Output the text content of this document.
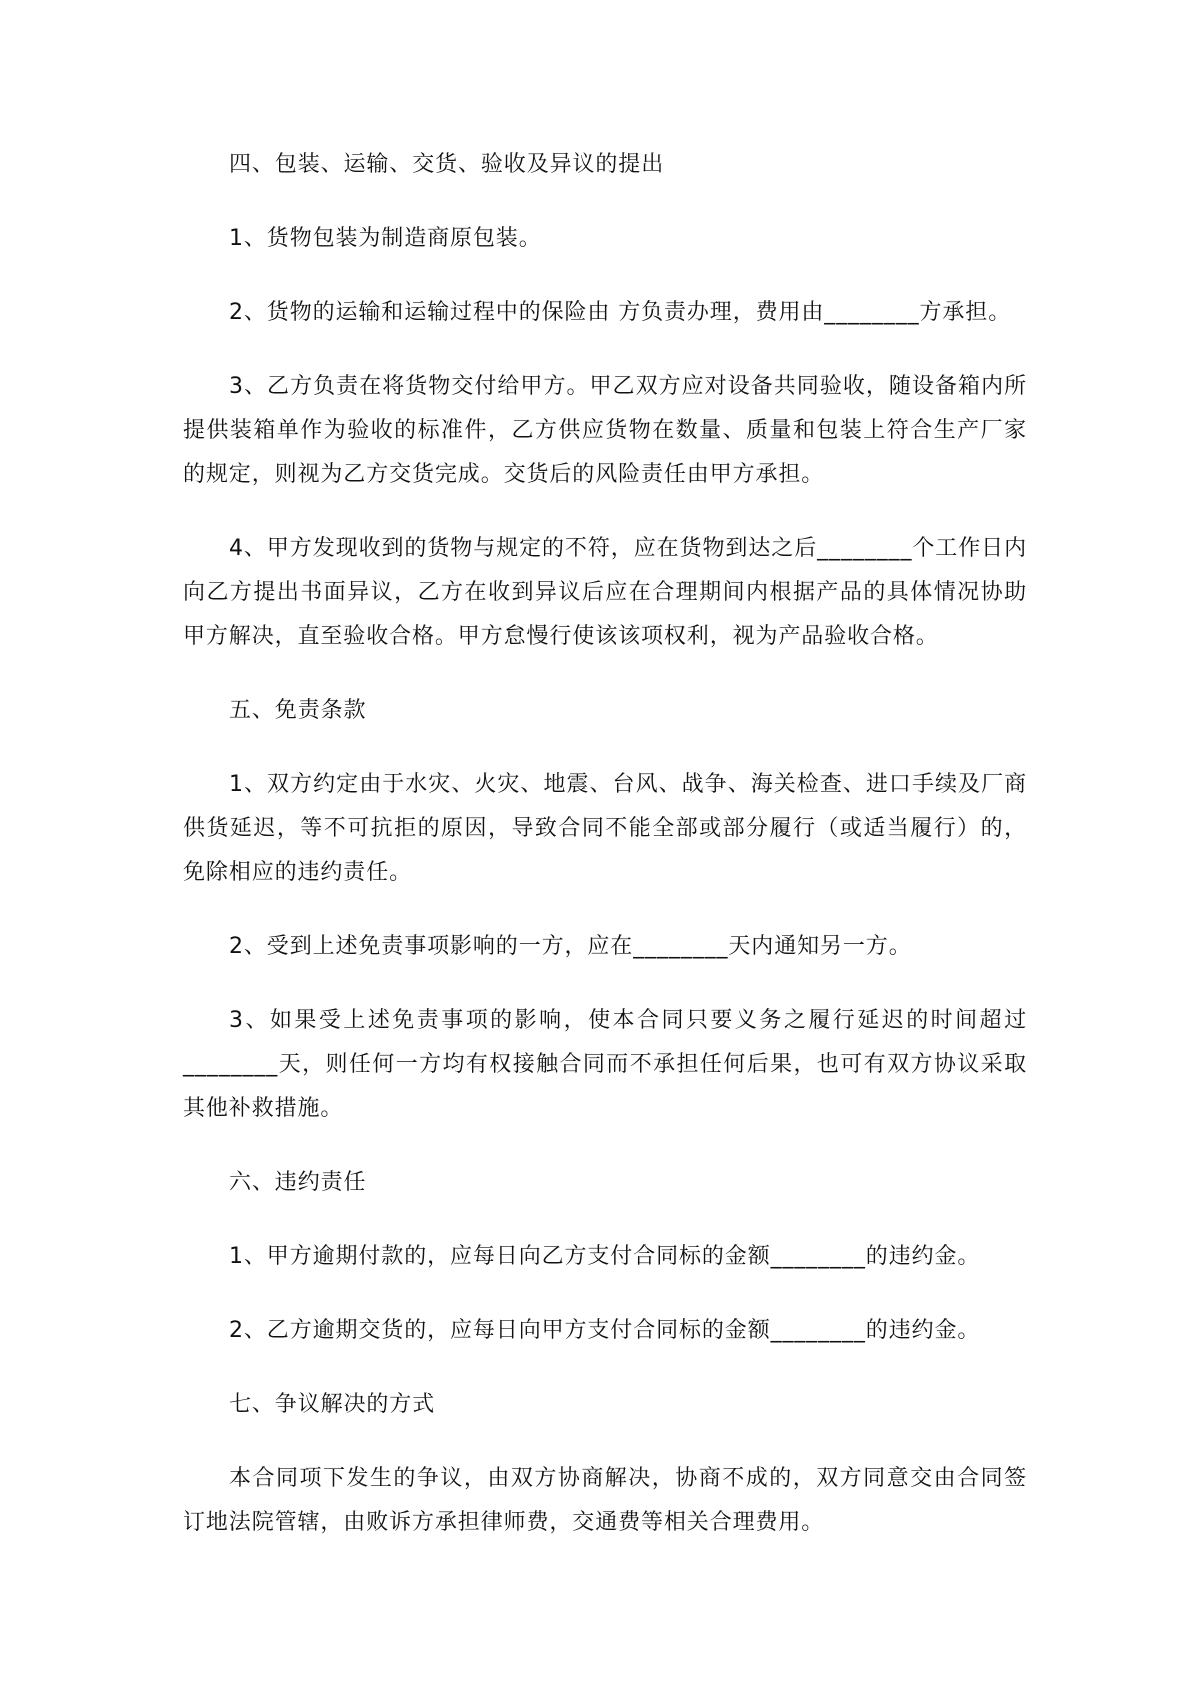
四、包装、运输、交货、验收及异议的提出

1、货物包装为制造商原包装。

2、货物的运输和运输过程中的保险由 方负责办理，费用由________方承担。

3、乙方负责在将货物交付给甲方。甲乙双方应对设备共同验收，随设备箱内所提供装箱单作为验收的标准件，乙方供应货物在数量、质量和包装上符合生产厂家的规定，则视为乙方交货完成。交货后的风险责任由甲方承担。

4、甲方发现收到的货物与规定的不符，应在货物到达之后________个工作日内向乙方提出书面异议，乙方在收到异议后应在合理期间内根据产品的具体情况协助甲方解决，直至验收合格。甲方怠慢行使该该项权利，视为产品验收合格。

五、免责条款

1、双方约定由于水灾、火灾、地震、台风、战争、海关检查、进口手续及厂商供货延迟，等不可抗拒的原因，导致合同不能全部或部分履行（或适当履行）的，免除相应的违约责任。

2、受到上述免责事项影响的一方，应在________天内通知另一方。

3、如果受上述免责事项的影响，使本合同只要义务之履行延迟的时间超过________天，则任何一方均有权接触合同而不承担任何后果，也可有双方协议采取其他补救措施。

六、违约责任

1、甲方逾期付款的，应每日向乙方支付合同标的金额________的违约金。

2、乙方逾期交货的，应每日向甲方支付合同标的金额________的违约金。

七、争议解决的方式

本合同项下发生的争议，由双方协商解决，协商不成的，双方同意交由合同签订地法院管辖，由败诉方承担律师费，交通费等相关合理费用。
